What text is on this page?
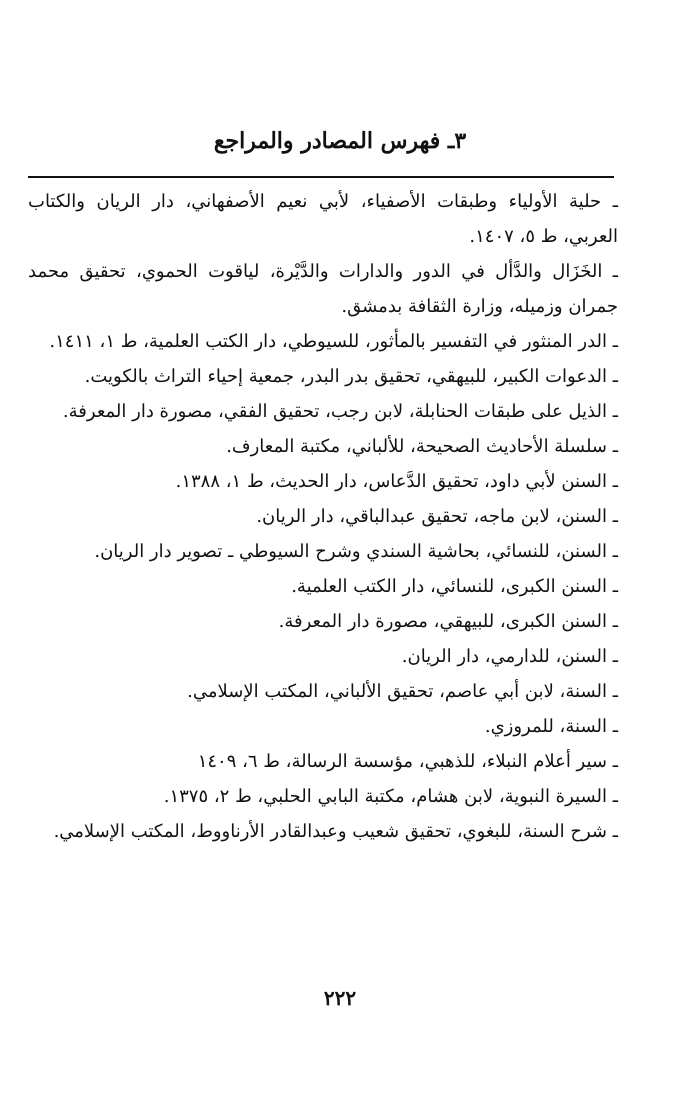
٣ـ فهرس المصادر والمراجع

ـ حلية الأولياء وطبقات الأصفياء، لأبي نعيم الأصفهاني، دار الريان والكتاب العربي، ط ٥، ١٤٠٧.

ـ الخَزَال والدَّأل في الدور والدارات والدَّيْرة، لياقوت الحموي، تحقيق محمد جمران وزميله، وزارة الثقافة بدمشق.

ـ الدر المنثور في التفسير بالمأثور، للسيوطي، دار الكتب العلمية، ط ١، ١٤١١.

ـ الدعوات الكبير، للبيهقي، تحقيق بدر البدر، جمعية إحياء التراث بالكويت.

ـ الذيل على طبقات الحنابلة، لابن رجب، تحقيق الفقي، مصورة دار المعرفة.

ـ سلسلة الأحاديث الصحيحة، للألباني، مكتبة المعارف.

ـ السنن لأبي داود، تحقيق الدَّعاس، دار الحديث، ط ١، ١٣٨٨.

ـ السنن، لابن ماجه، تحقيق عبدالباقي، دار الريان.

ـ السنن، للنسائي، بحاشية السندي وشرح السيوطي ـ تصوير دار الريان.

ـ السنن الكبرى، للنسائي، دار الكتب العلمية.

ـ السنن الكبرى، للبيهقي، مصورة دار المعرفة.

ـ السنن، للدارمي، دار الريان.

ـ السنة، لابن أبي عاصم، تحقيق الألباني، المكتب الإسلامي.

ـ السنة، للمروزي.

ـ سير أعلام النبلاء، للذهبي، مؤسسة الرسالة، ط ٦، ١٤٠٩

ـ السيرة النبوية، لابن هشام، مكتبة البابي الحلبي، ط ٢، ١٣٧٥.

ـ شرح السنة، للبغوي، تحقيق شعيب وعبدالقادر الأرناووط، المكتب الإسلامي.

٢٢٢
